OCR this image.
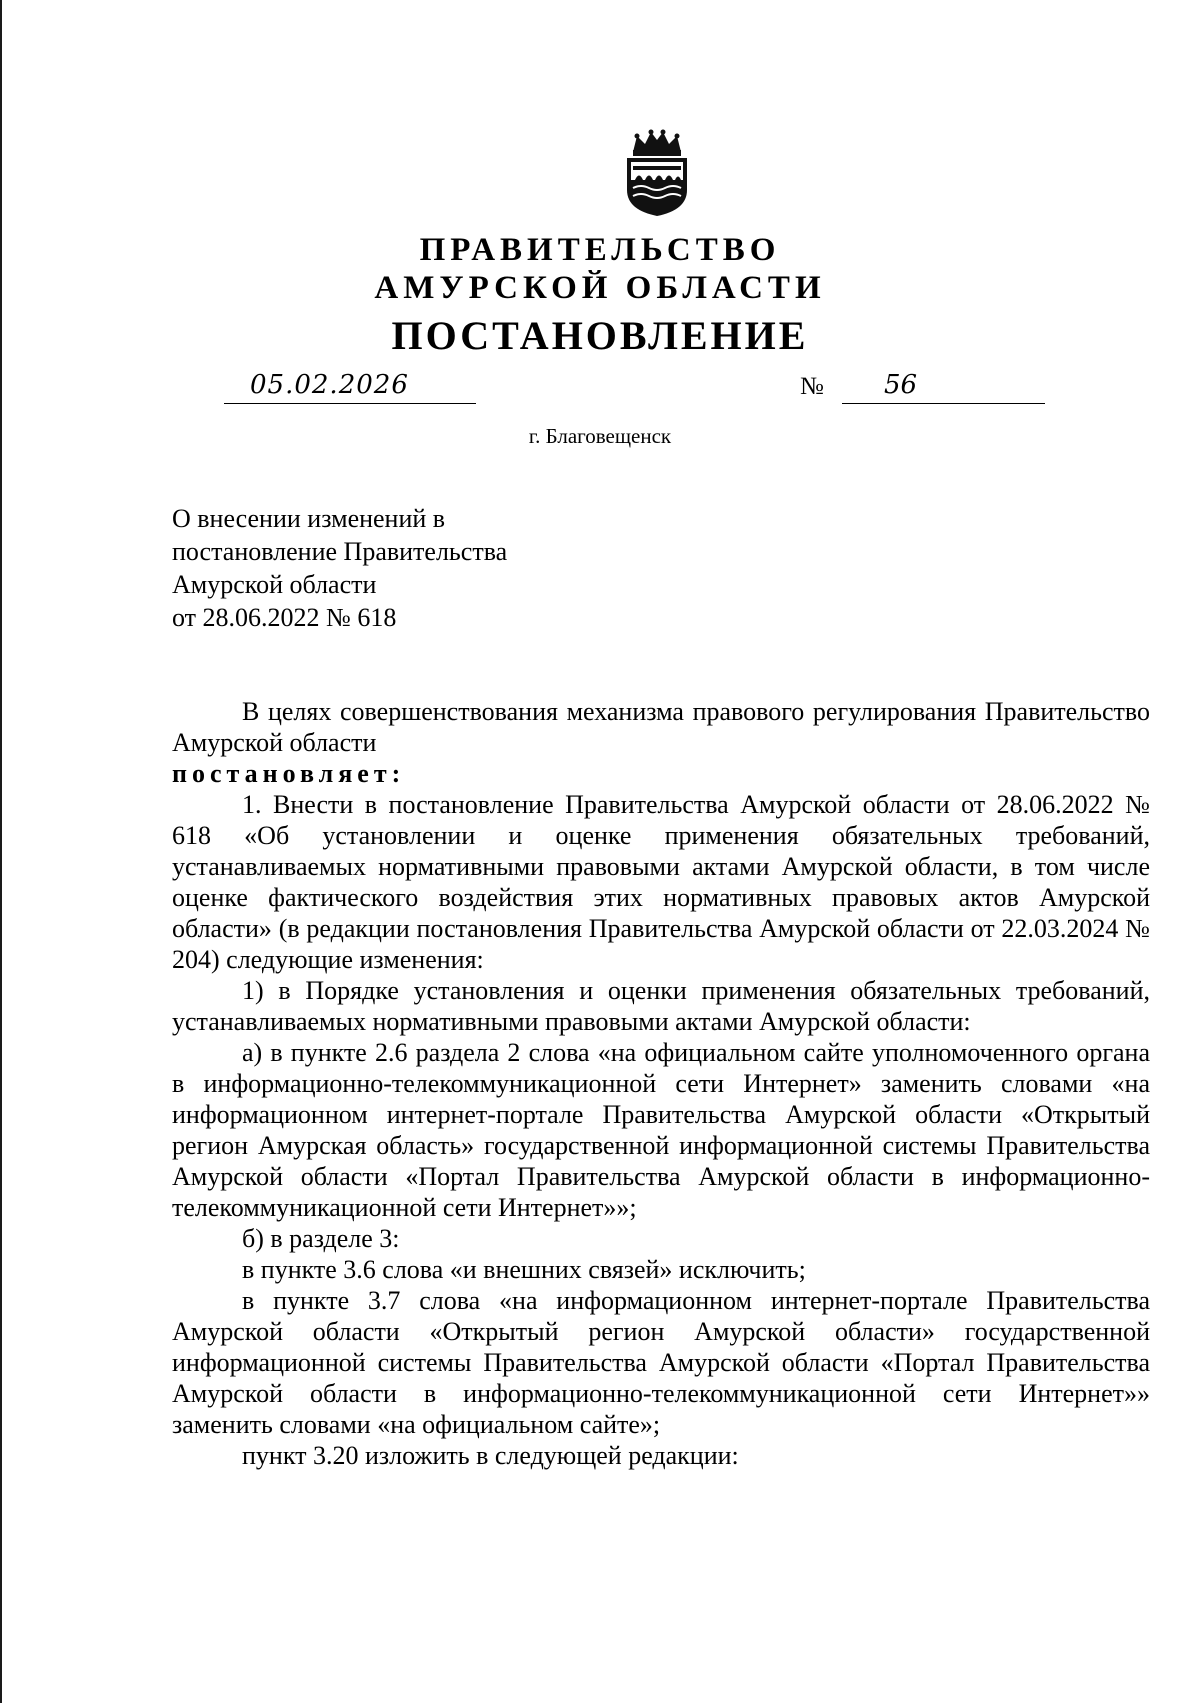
ПРАВИТЕЛЬСТВО
АМУРСКОЙ ОБЛАСТИ
ПОСТАНОВЛЕНИЕ
05.02.2026	№ 56
г. Благовещенск
О внесении изменений в
постановление Правительства
Амурской области
от 28.06.2022 № 618

В целях совершенствования механизма правового регулирования Правительство Амурской области

постановляет:

1. Внести в постановление Правительства Амурской области от 28.06.2022 № 618 «Об установлении и оценке применения обязательных требований, устанавливаемых нормативными правовыми актами Амурской области, в том числе оценке фактического воздействия этих нормативных правовых актов Амурской области» (в редакции постановления Правительства Амурской области от 22.03.2024 № 204) следующие изменения:

1) в Порядке установления и оценки применения обязательных требований, устанавливаемых нормативными правовыми актами Амурской области:

а) в пункте 2.6 раздела 2 слова «на официальном сайте уполномоченного органа в информационно-телекоммуникационной сети Интернет» заменить словами «на информационном интернет-портале Правительства Амурской области «Открытый регион Амурская область» государственной информационной системы Правительства Амурской области «Портал Правительства Амурской области в информационно-телекоммуникационной сети Интернет»»;

б) в разделе 3:

в пункте 3.6 слова «и внешних связей» исключить;

в пункте 3.7 слова «на информационном интернет-портале Правительства Амурской области «Открытый регион Амурской области» государственной информационной системы Правительства Амурской области «Портал Правительства Амурской области в информационно-телекоммуникационной сети Интернет»» заменить словами «на официальном сайте»;

пункт 3.20 изложить в следующей редакции:
